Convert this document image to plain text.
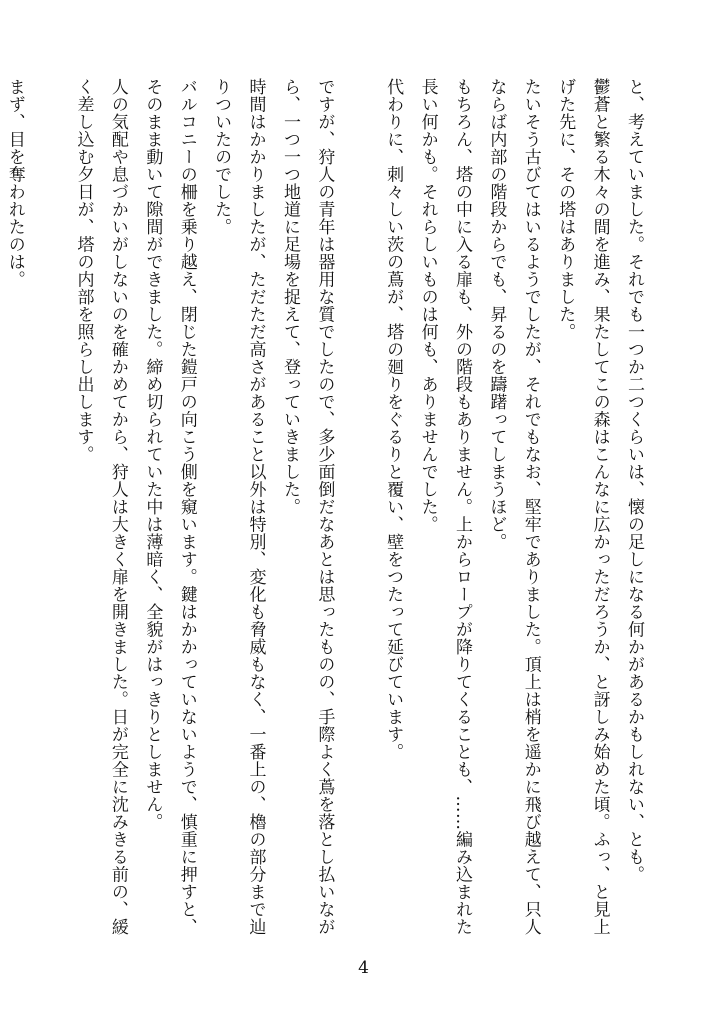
と、考えていました。それでも一つか二つくらいは、懐の足しになる何かがあるかもしれない、とも。
鬱蒼と繁る木々の間を進み、果たしてこの森はこんなに広かっただろうか、と訝しみ始めた頃。ふっ、と見上
げた先に、その塔はありました。
たいそう古びてはいるようでしたが、それでもなお、堅牢でありました。頂上は梢を遥かに飛び越えて、只人
ならば内部の階段からでも、昇るのを躊躇ってしまうほど。
もちろん、塔の中に入る扉も、外の階段もありません。上からロープが降りてくることも、……編み込まれた
長い何かも。それらしいものは何も、ありませんでした。
代わりに、刺々しい茨の蔦が、塔の廻りをぐるりと覆い、壁をつたって延びています。
ですが、狩人の青年は器用な質でしたので、多少面倒だなあとは思ったものの、手際よく蔦を落とし払いなが
ら、一つ一つ地道に足場を捉えて、登っていきました。
時間はかかりましたが、ただただ高さがあること以外は特別、変化も脅威もなく、一番上の、櫓の部分まで辿
りついたのでした。
バルコニーの柵を乗り越え、閉じた鎧戸の向こう側を窺います。鍵はかかっていないようで、慎重に押すと、
そのまま動いて隙間ができました。締め切られていた中は薄暗く、全貌がはっきりとしません。
人の気配や息づかいがしないのを確かめてから、狩人は大きく扉を開きました。日が完全に沈みきる前の、緩
く差し込む夕日が、塔の内部を照らし出します。
まず、目を奪われたのは。
4
